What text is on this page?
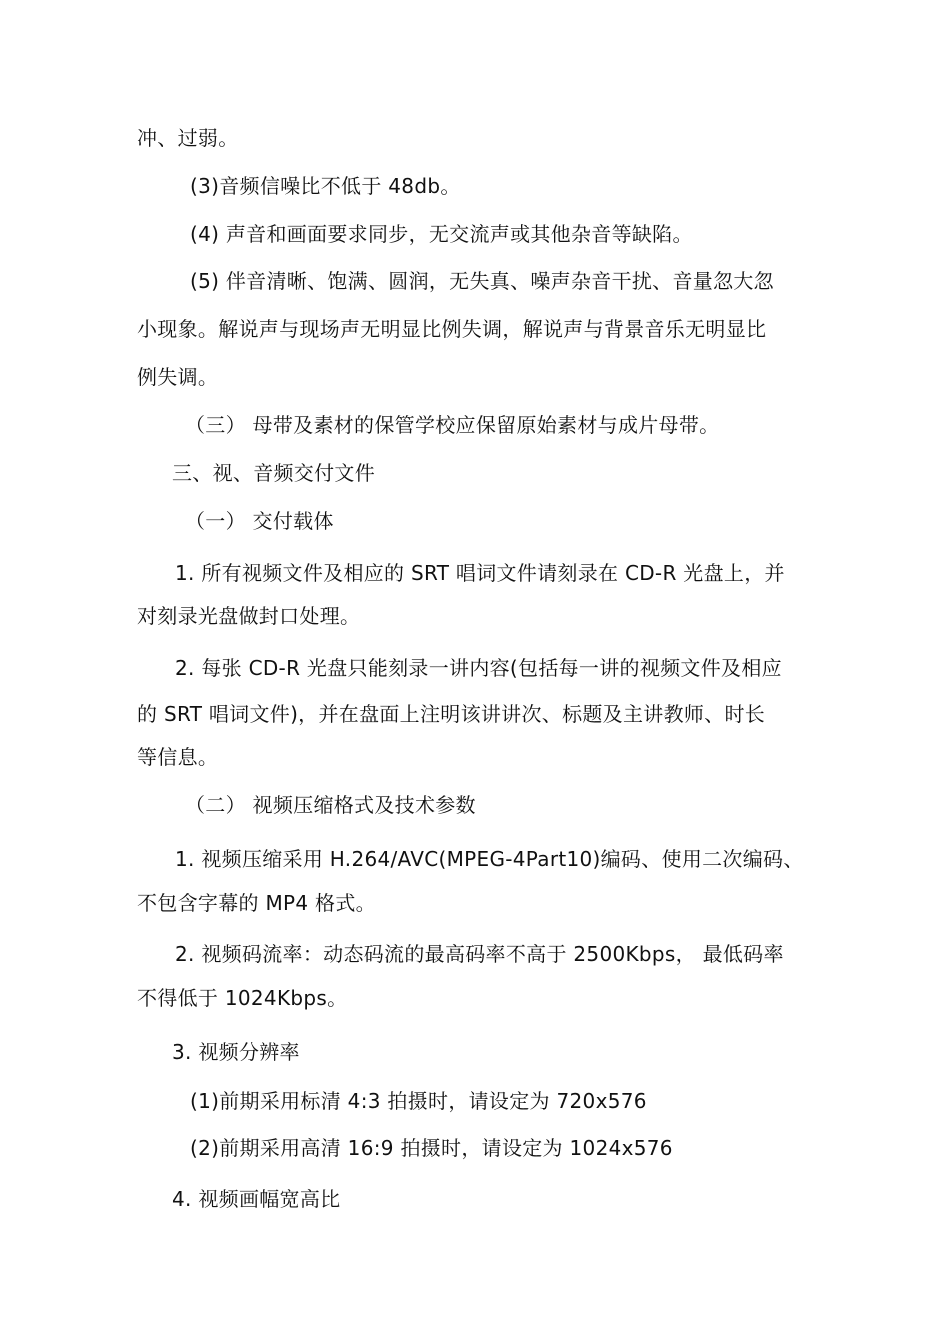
冲、过弱。
(3)音频信噪比不低于 48db。
(4) 声音和画面要求同步，无交流声或其他杂音等缺陷。
(5) 伴音清晰、饱满、圆润，无失真、噪声杂音干扰、音量忽大忽
小现象。解说声与现场声无明显比例失调，解说声与背景音乐无明显比
例失调。
（三） 母带及素材的保管学校应保留原始素材与成片母带。
三、视、音频交付文件
（一） 交付载体
1. 所有视频文件及相应的 SRT 唱词文件请刻录在 CD-R 光盘上，并
对刻录光盘做封口处理。
2. 每张 CD-R 光盘只能刻录一讲内容(包括每一讲的视频文件及相应
的 SRT 唱词文件)，并在盘面上注明该讲讲次、标题及主讲教师、时长
等信息。
（二） 视频压缩格式及技术参数
1. 视频压缩采用 H.264/AVC(MPEG-4Part10)编码、使用二次编码、
不包含字幕的 MP4 格式。
2. 视频码流率：动态码流的最高码率不高于 2500Kbps， 最低码率
不得低于 1024Kbps。
3. 视频分辨率
(1)前期采用标清 4:3 拍摄时，请设定为 720x576
(2)前期采用高清 16:9 拍摄时，请设定为 1024x576
4. 视频画幅宽高比
